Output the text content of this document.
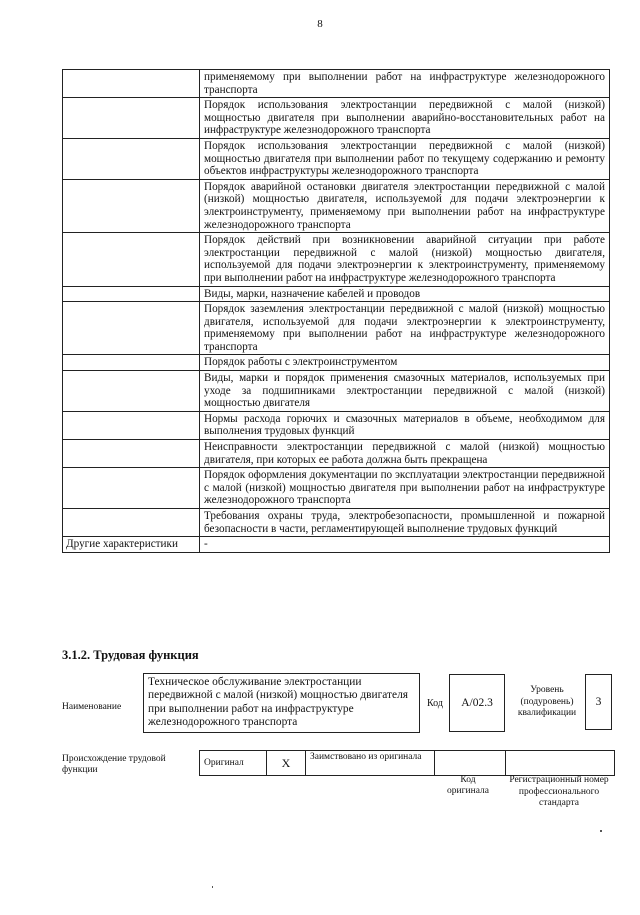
8
	применяемому при выполнении работ на инфраструктуре железнодорожного транспорта
	Порядок использования электростанции передвижной с малой (низкой) мощностью двигателя при выполнении аварийно-восстановительных работ на инфраструктуре железнодорожного транспорта
	Порядок использования электростанции передвижной с малой (низкой) мощностью двигателя при выполнении работ по текущему содержанию и ремонту объектов инфраструктуры железнодорожного транспорта
	Порядок аварийной остановки двигателя электростанции передвижной с малой (низкой) мощностью двигателя, используемой для подачи электроэнергии к электроинструменту, применяемому при выполнении работ на инфраструктуре железнодорожного транспорта
	Порядок действий при возникновении аварийной ситуации при работе электростанции передвижной с малой (низкой) мощностью двигателя, используемой для подачи электроэнергии к электроинструменту, применяемому при выполнении работ на инфраструктуре железнодорожного транспорта
	Виды, марки, назначение кабелей и проводов
	Порядок заземления электростанции передвижной с малой (низкой) мощностью двигателя, используемой для подачи электроэнергии к электроинструменту, применяемому при выполнении работ на инфраструктуре железнодорожного транспорта
	Порядок работы с электроинструментом
	Виды, марки и порядок применения смазочных материалов, используемых при уходе за подшипниками электростанции передвижной с малой (низкой) мощностью двигателя
	Нормы расхода горючих и смазочных материалов в объеме, необходимом для выполнения трудовых функций
	Неисправности электростанции передвижной с малой (низкой) мощностью двигателя, при которых ее работа должна быть прекращена
	Порядок оформления документации по эксплуатации электростанции передвижной с малой (низкой) мощностью двигателя при выполнении работ на инфраструктуре железнодорожного транспорта
	Требования охраны труда, электробезопасности, промышленной и пожарной безопасности в части, регламентирующей выполнение трудовых функций
Другие характеристики	-
3.1.2. Трудовая функция
Наименование
Техническое обслуживание электростанции передвижной с малой (низкой) мощностью двигателя при выполнении работ на инфраструктуре железнодорожного транспорта
Код	A/02.3
Уровень (подуровень) квалификации
3
Происхождение трудовой функции
Оригинал	X	Заимствовано из оригинала		
Код оригинала
Регистрационный номер профессионального стандарта
